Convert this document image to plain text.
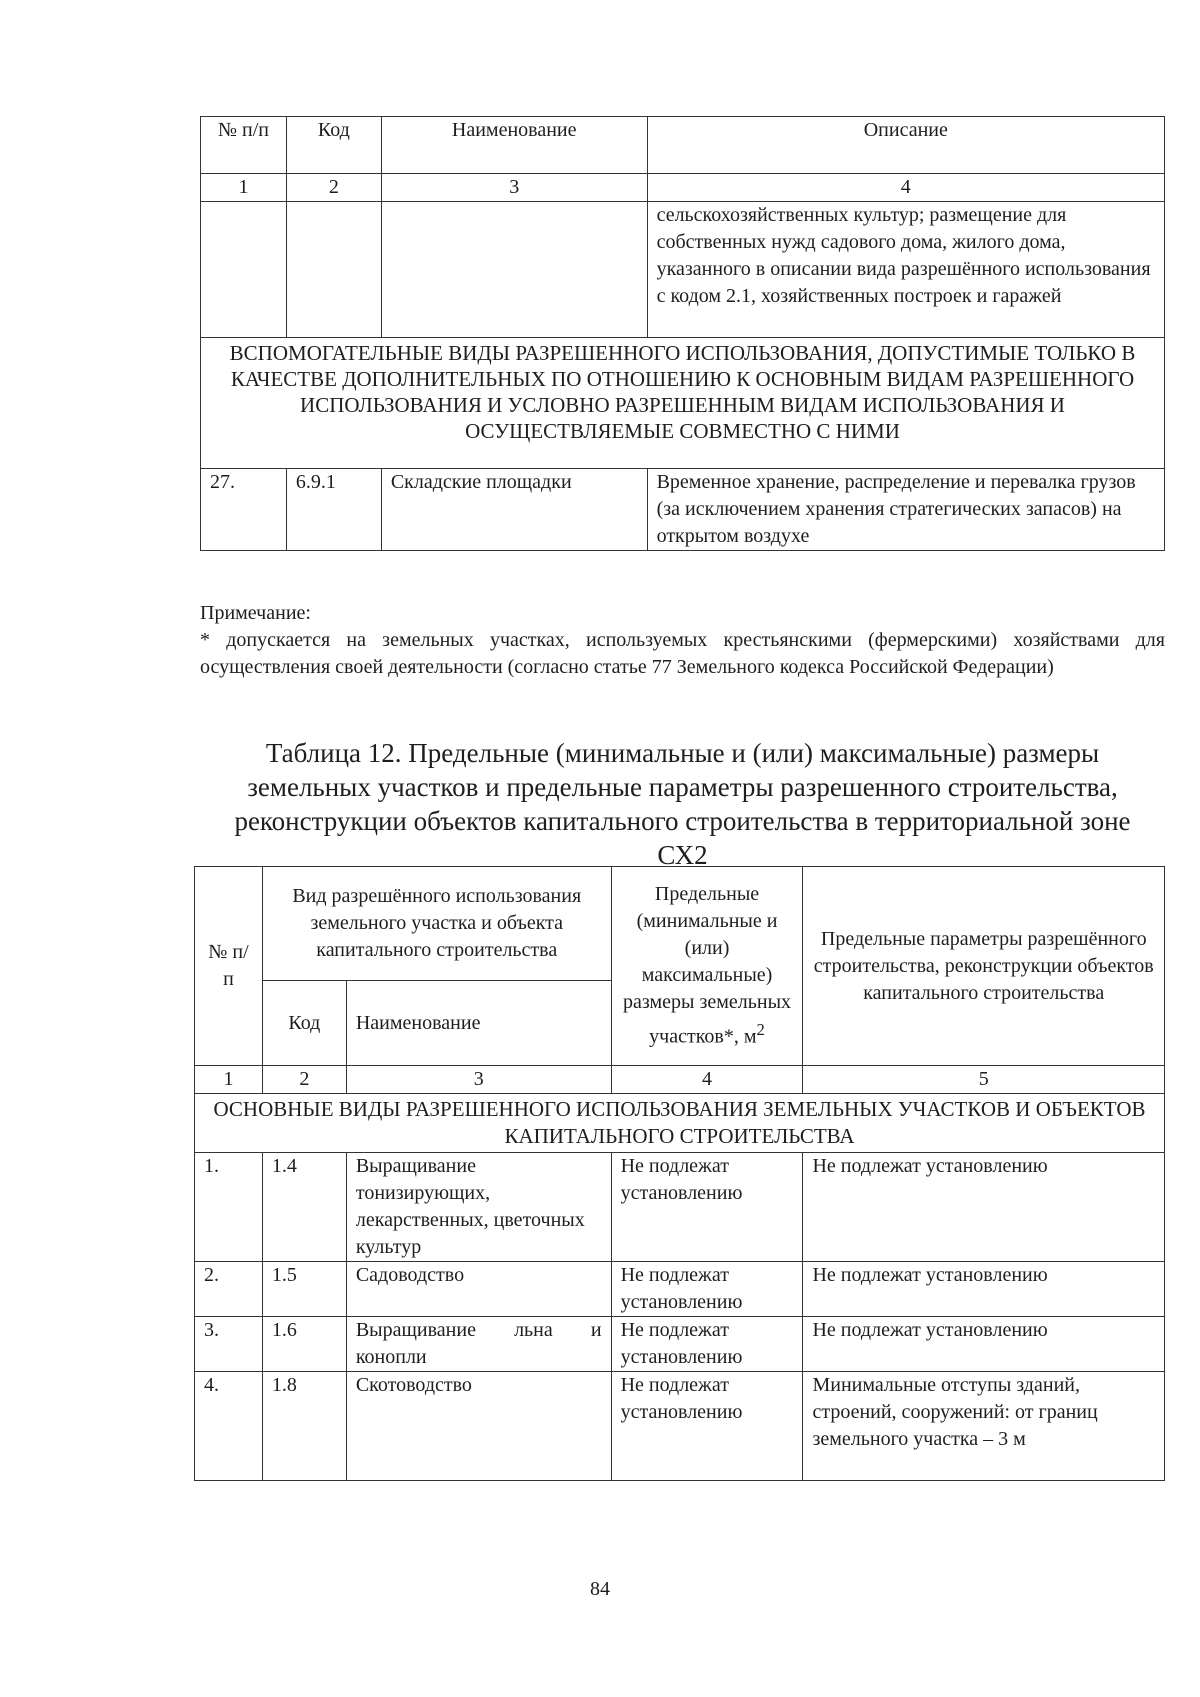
№ п/п	Код	Наименование	Описание
1	2	3	4
			сельскохозяйственных культур; размещение для собственных нужд садового дома, жилого дома, указанного в описании вида разрешённого использования с кодом 2.1, хозяйственных построек и гаражей
ВСПОМОГАТЕЛЬНЫЕ ВИДЫ РАЗРЕШЕННОГО ИСПОЛЬЗОВАНИЯ, ДОПУСТИМЫЕ ТОЛЬКО В КАЧЕСТВЕ ДОПОЛНИТЕЛЬНЫХ ПО ОТНОШЕНИЮ К ОСНОВНЫМ ВИДАМ РАЗРЕШЕННОГО ИСПОЛЬЗОВАНИЯ И УСЛОВНО РАЗРЕШЕННЫМ ВИДАМ ИСПОЛЬЗОВАНИЯ И ОСУЩЕСТВЛЯЕМЫЕ СОВМЕСТНО С НИМИ			
27.	6.9.1	Складские площадки	Временное хранение, распределение и перевалка грузов (за исключением хранения стратегических запасов) на открытом воздухе

Примечание:

* допускается на земельных участках, используемых крестьянскими (фермерскими) хозяйствами для осуществления своей деятельности (согласно статье 77 Земельного кодекса Российской Федерации)

Таблица 12. Предельные (минимальные и (или) максимальные) размеры
земельных участков и предельные параметры разрешенного строительства,
реконструкции объектов капитального строительства в территориальной зоне
СХ2
№ п/п	Вид разрешённого использования земельного участка и объекта капитального строительства		Предельные (минимальные и (или) максимальные) размеры земельных участков*, $м^2$	Предельные параметры разрешённого строительства, реконструкции объектов капитального строительства
	Код	Наименование		
1	2	3	4	5
ОСНОВНЫЕ ВИДЫ РАЗРЕШЕННОГО ИСПОЛЬЗОВАНИЯ ЗЕМЕЛЬНЫХ УЧАСТКОВ И ОБЪЕКТОВ КАПИТАЛЬНОГО СТРОИТЕЛЬСТВА				
1.	1.4	Выращивание тонизирующих, лекарственных, цветочных культур	Не подлежат установлению	Не подлежат установлению
2.	1.5	Садоводство	Не подлежат установлению	Не подлежат установлению
3.	1.6	Выращивание льна и конопли	Не подлежат установлению	Не подлежат установлению
4.	1.8	Скотоводство	Не подлежат установлению	Минимальные отступы зданий, строений, сооружений: от границ земельного участка – 3 м
84
